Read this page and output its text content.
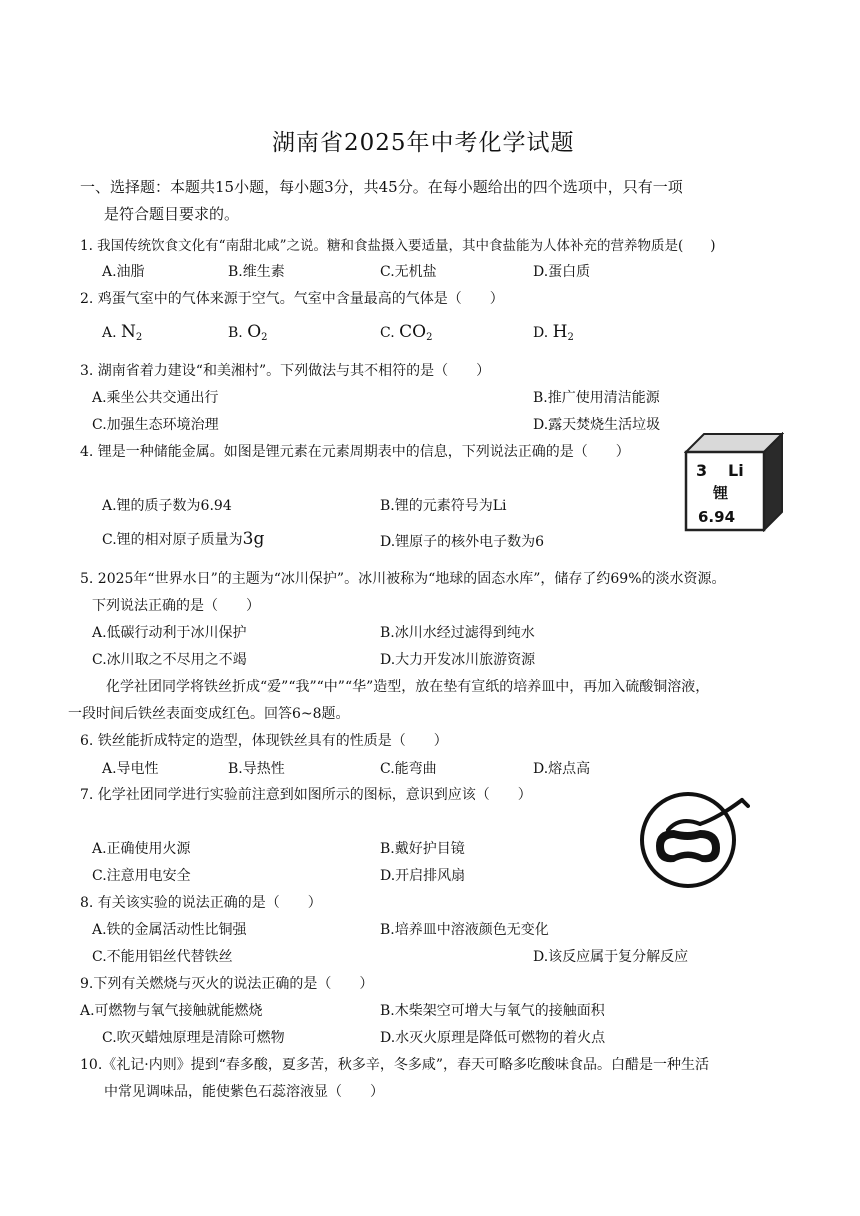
湖南省2025年中考化学试题
一、选择题：本题共15小题，每小题3分，共45分。在每小题给出的四个选项中，只有一项
是符合题目要求的。
1. 我国传统饮食文化有“南甜北咸”之说。糖和食盐摄入要适量，其中食盐能为人体补充的营养物质是(　　)
A.油脂	B.维生素	C.无机盐	D.蛋白质
2. 鸡蛋气室中的气体来源于空气。气室中含量最高的气体是（　　）
A. $N_2$	B. $O_2$	C. $CO_2$	D. $H_2$
3. 湖南省着力建设“和美湘村”。下列做法与其不相符的是（　　）
A.乘坐公共交通出行	B.推广使用清洁能源
C.加强生态环境治理	D.露天焚烧生活垃圾
4. 锂是一种储能金属。如图是锂元素在元素周期表中的信息，下列说法正确的是（　　）
A.锂的质子数为6.94	B.锂的元素符号为Li
C.锂的相对原子质量为3g	D.锂原子的核外电子数为6
3 Li
锂
6.94
5. 2025年“世界水日”的主题为“冰川保护”。冰川被称为“地球的固态水库”，储存了约69%的淡水资源。
下列说法正确的是（　　）
A.低碳行动利于冰川保护	B.冰川水经过滤得到纯水
C.冰川取之不尽用之不竭	D.大力开发冰川旅游资源
化学社团同学将铁丝折成“爱”“我”“中”“华”造型，放在垫有宣纸的培养皿中，再加入硫酸铜溶液，
一段时间后铁丝表面变成红色。回答6~8题。
6. 铁丝能折成特定的造型，体现铁丝具有的性质是（　　）
A.导电性	B.导热性	C.能弯曲	D.熔点高
7. 化学社团同学进行实验前注意到如图所示的图标，意识到应该（　　）
A.正确使用火源	B.戴好护目镜
C.注意用电安全	D.开启排风扇
8. 有关该实验的说法正确的是（　　）
A.铁的金属活动性比铜强	B.培养皿中溶液颜色无变化
C.不能用铝丝代替铁丝	D.该反应属于复分解反应
9.下列有关燃烧与灭火的说法正确的是（　　）
A.可燃物与氧气接触就能燃烧	B.木柴架空可增大与氧气的接触面积
C.吹灭蜡烛原理是清除可燃物	D.水灭火原理是降低可燃物的着火点
10.《礼记·内则》提到“春多酸，夏多苦，秋多辛，冬多咸”，春天可略多吃酸味食品。白醋是一种生活
中常见调味品，能使紫色石蕊溶液显（　　）
